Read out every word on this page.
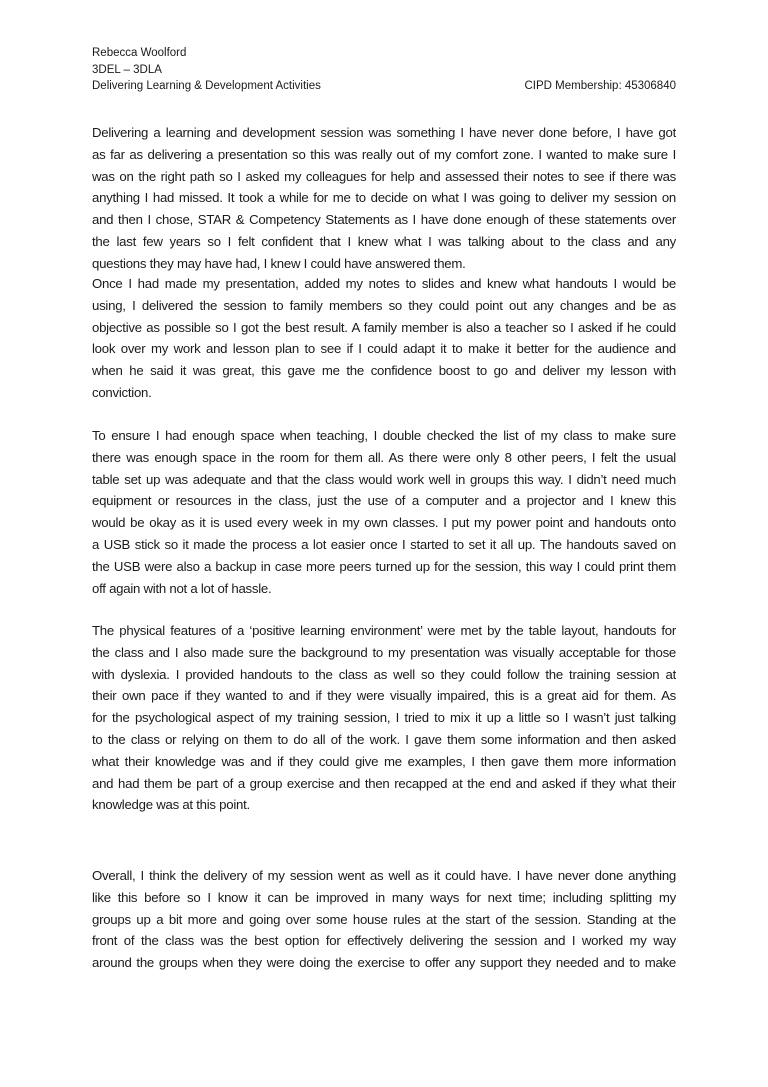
Rebecca Woolford
3DEL – 3DLA
Delivering Learning & Development Activities	CIPD Membership: 45306840
Delivering a learning and development session was something I have never done before, I have got
as far as delivering a presentation so this was really out of my comfort zone. I wanted to make sure I
was on the right path so I asked my colleagues for help and assessed their notes to see if there was
anything I had missed. It took a while for me to decide on what I was going to deliver my session on
and then I chose, STAR & Competency Statements as I have done enough of these statements over
the last few years so I felt confident that I knew what I was talking about to the class and any
questions they may have had, I knew I could have answered them.
Once I had made my presentation, added my notes to slides and knew what handouts I would be
using, I delivered the session to family members so they could point out any changes and be as
objective as possible so I got the best result. A family member is also a teacher so I asked if he could
look over my work and lesson plan to see if I could adapt it to make it better for the audience and
when he said it was great, this gave me the confidence boost to go and deliver my lesson with
conviction.
To ensure I had enough space when teaching, I double checked the list of my class to make sure
there was enough space in the room for them all. As there were only 8 other peers, I felt the usual
table set up was adequate and that the class would work well in groups this way. I didn’t need much
equipment or resources in the class, just the use of a computer and a projector and I knew this
would be okay as it is used every week in my own classes. I put my power point and handouts onto
a USB stick so it made the process a lot easier once I started to set it all up. The handouts saved on
the USB were also a backup in case more peers turned up for the session, this way I could print them
off again with not a lot of hassle.
The physical features of a ‘positive learning environment’ were met by the table layout, handouts for
the class and I also made sure the background to my presentation was visually acceptable for those
with dyslexia. I provided handouts to the class as well so they could follow the training session at
their own pace if they wanted to and if they were visually impaired, this is a great aid for them. As
for the psychological aspect of my training session, I tried to mix it up a little so I wasn’t just talking
to the class or relying on them to do all of the work. I gave them some information and then asked
what their knowledge was and if they could give me examples, I then gave them more information
and had them be part of a group exercise and then recapped at the end and asked if they what their
knowledge was at this point.
Overall, I think the delivery of my session went as well as it could have. I have never done anything
like this before so I know it can be improved in many ways for next time; including splitting my
groups up a bit more and going over some house rules at the start of the session. Standing at the
front of the class was the best option for effectively delivering the session and I worked my way
around the groups when they were doing the exercise to offer any support they needed and to make
